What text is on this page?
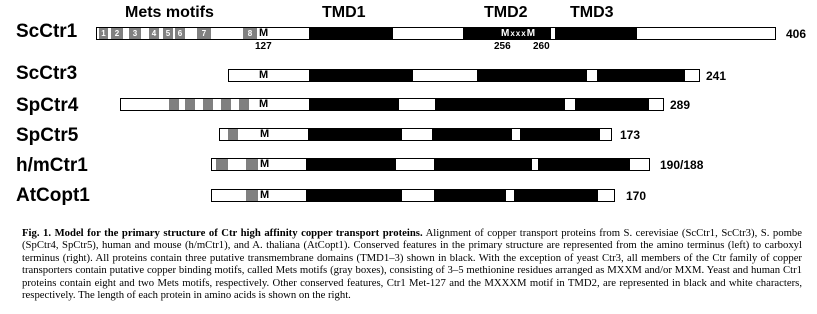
Mets motifs	TMD1	TMD2	TMD3
ScCtr1	1	2	3	4	5 6	7	8 M	MxxxM
127	256 260
406
ScCtr3	M	241
SpCtr4	M	289
SpCtr5	M	173
h/mCtr1	M	190/188
AtCopt1	M	170
Fig. 1. Model for the primary structure of Ctr high affinity copper transport proteins. Alignment of copper transport proteins from S. cerevisiae (ScCtr1, ScCtr3), S. pombe (SpCtr4, SpCtr5), human and mouse (h/mCtr1), and A. thaliana (AtCopt1). Conserved features in the primary structure are represented from the amino terminus (left) to carboxyl terminus (right). All proteins contain three putative transmembrane domains (TMD1–3) shown in black. With the exception of yeast Ctr3, all members of the Ctr family of copper transporters contain putative copper binding motifs, called Mets motifs (gray boxes), consisting of 3–5 methionine residues arranged as MXXM and/or MXM. Yeast and human Ctr1 proteins contain eight and two Mets motifs, respectively. Other conserved features, Ctr1 Met-127 and the MXXXM motif in TMD2, are represented in black and white characters, respectively. The length of each protein in amino acids is shown on the right.
